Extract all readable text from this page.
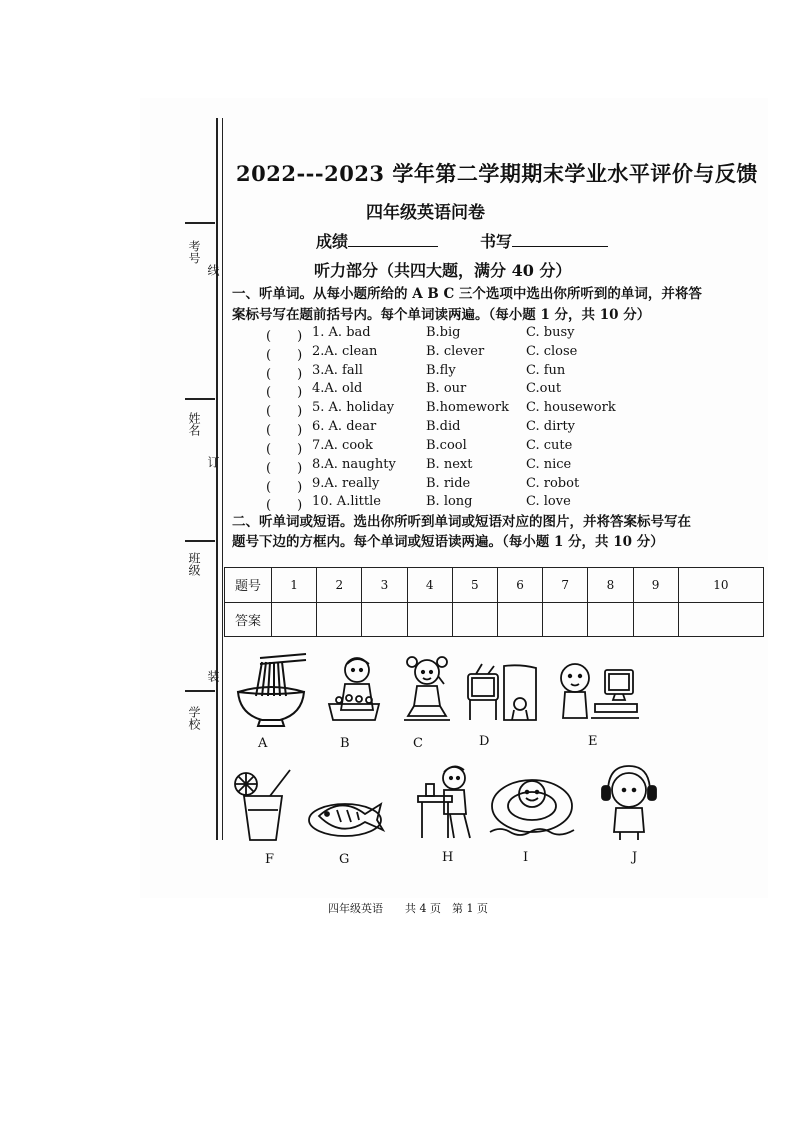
考号
线
姓名
订
班级
装
学校
2022---2023 学年第二学期期末学业水平评价与反馈
四年级英语问卷
成绩	书写
听力部分（共四大题，满分 40 分）
一、听单词。从每小题所给的 A B C 三个选项中选出你所听到的单词，并将答
案标号写在题前括号内。每个单词读两遍。（每小题 1 分，共 10 分）
(　　) 1. A. bad	B.big	C. busy
(　　) 2.A. clean	B. clever	C. close
(　　) 3.A. fall	B.fly	C. fun
(　　) 4.A. old	B. our	C.out
(　　) 5. A. holiday B.homework C. housework
(　　) 6. A. dear	B.did	C. dirty
(　　) 7.A. cook	B.cool	C. cute
(　　) 8.A. naughty B. next	C. nice
(　　) 9.A. really	B. ride	C. robot
(　　) 10. A.little	B. long	C. love
二、听单词或短语。选出你所听到单词或短语对应的图片，并将答案标号写在
题号下边的方框内。每个单词或短语读两遍。（每小题 1 分，共 10 分）
题号	1	2	3	4	5	6	7	8	9	10
答案										
A	B	C	D	E
F	G	H	I	J
四年级英语　　共 4 页　第 1 页
